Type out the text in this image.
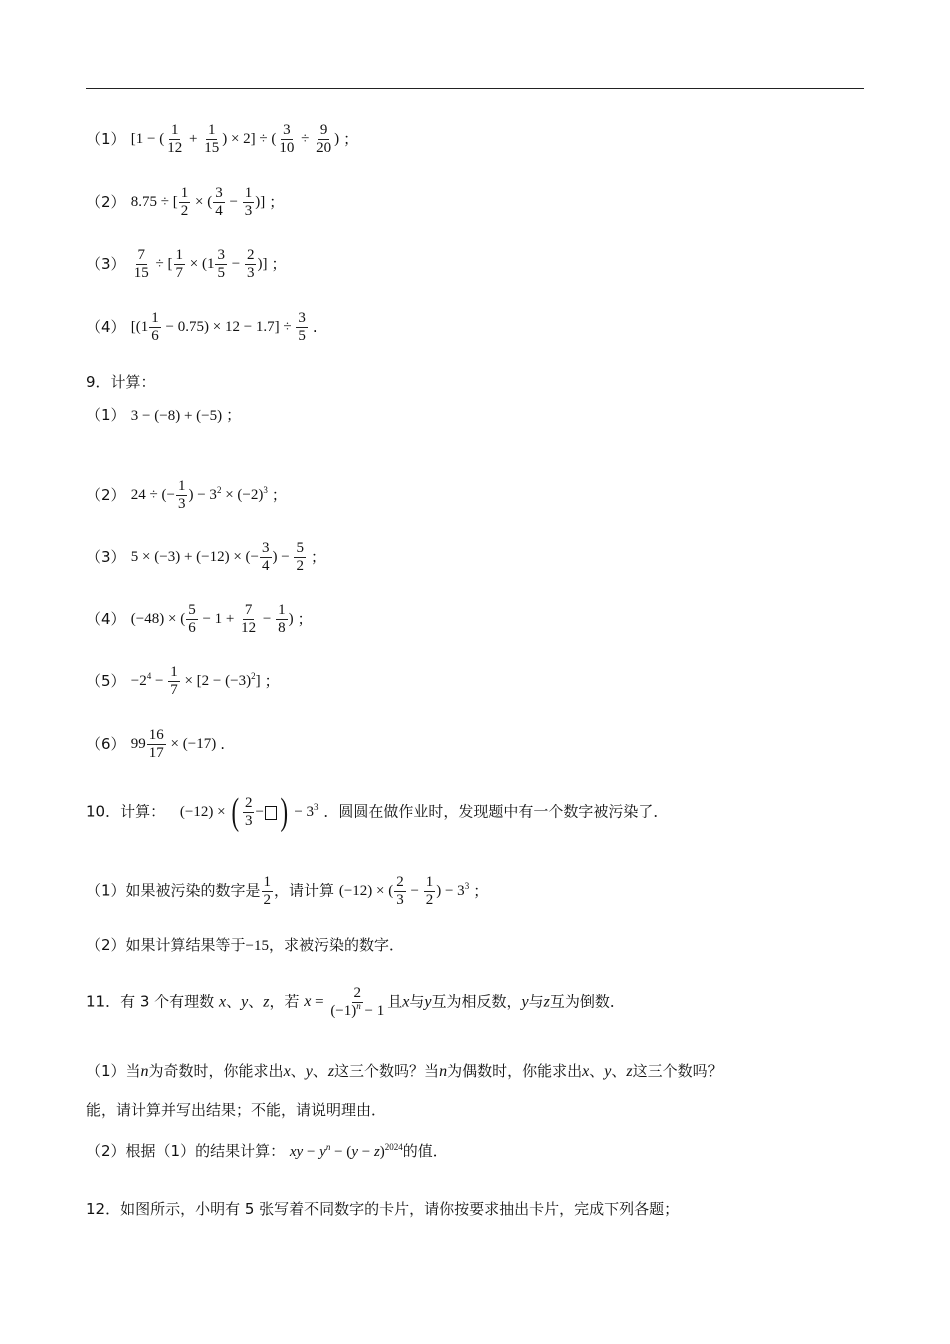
（1） [1 − ( $\frac{1}{12} + \frac{1}{15}$ ) × 2] ÷ ( $\frac{3}{10} \div \frac{9}{20}$ ) ；
（2） 8.75 ÷ [ $\frac{1}{2}$ × ( $\frac{3}{4} - \frac{1}{3}$ )] ；
$(3) \frac{7}{15}$ ÷ [ $\frac{1}{7} \times (1 \frac{3}{5} - \frac{2}{3}$ )] ；
（4） $[(1 \frac{1}{6} - 0.75) \times 12 - 1.7] \div \frac{3}{5}$ .
9．计算：
（1） 3 − (−8) + (−5) ；
（2） 24 ÷ (− $\frac{1}{3}$ ) − $3^2 \times (-2)^3$ ；
（3） 5 × (−3) + (−12) × (− $\frac{3}{4}$ ) − $\frac{5}{2}$ ；
（4） (−48) × ( $\frac{5}{6} - 1 + \frac{7}{12} - \frac{1}{8}$ ) ；
$(5) -2^4 - \frac{1}{7} \times [2 - (-3)^2]$ ；
（6） $99 \frac{16}{17} \times (-17)$ .
10．计算： (−12) × ( $\frac{2}{3}$ − ) − $3^3$ ．圆圆在做作业时，发现题中有一个数字被污染了．
（1）如果被污染的数字是 $\frac{1}{2}$ ，请计算 (−12) × ( $\frac{2}{3} - \frac{1}{2}$ ) − $3^3$ ；
（2）如果计算结果等于−15，求被污染的数字．
11．有 3 个有理数 x、y、z，若 $x = \frac{2}{(-1)^n - 1}$ 且x与y互为相反数，y与z互为倒数．
（1）当n为奇数时，你能求出x、y、z这三个数吗？当n为偶数时，你能求出x、y、z这三个数吗？
能，请计算并写出结果；不能，请说明理由．
（2）根据（1）的结果计算： xy − $y^n - (y - z)^{2024}$的值．
12．如图所示，小明有 5 张写着不同数字的卡片，请你按要求抽出卡片，完成下列各题；
